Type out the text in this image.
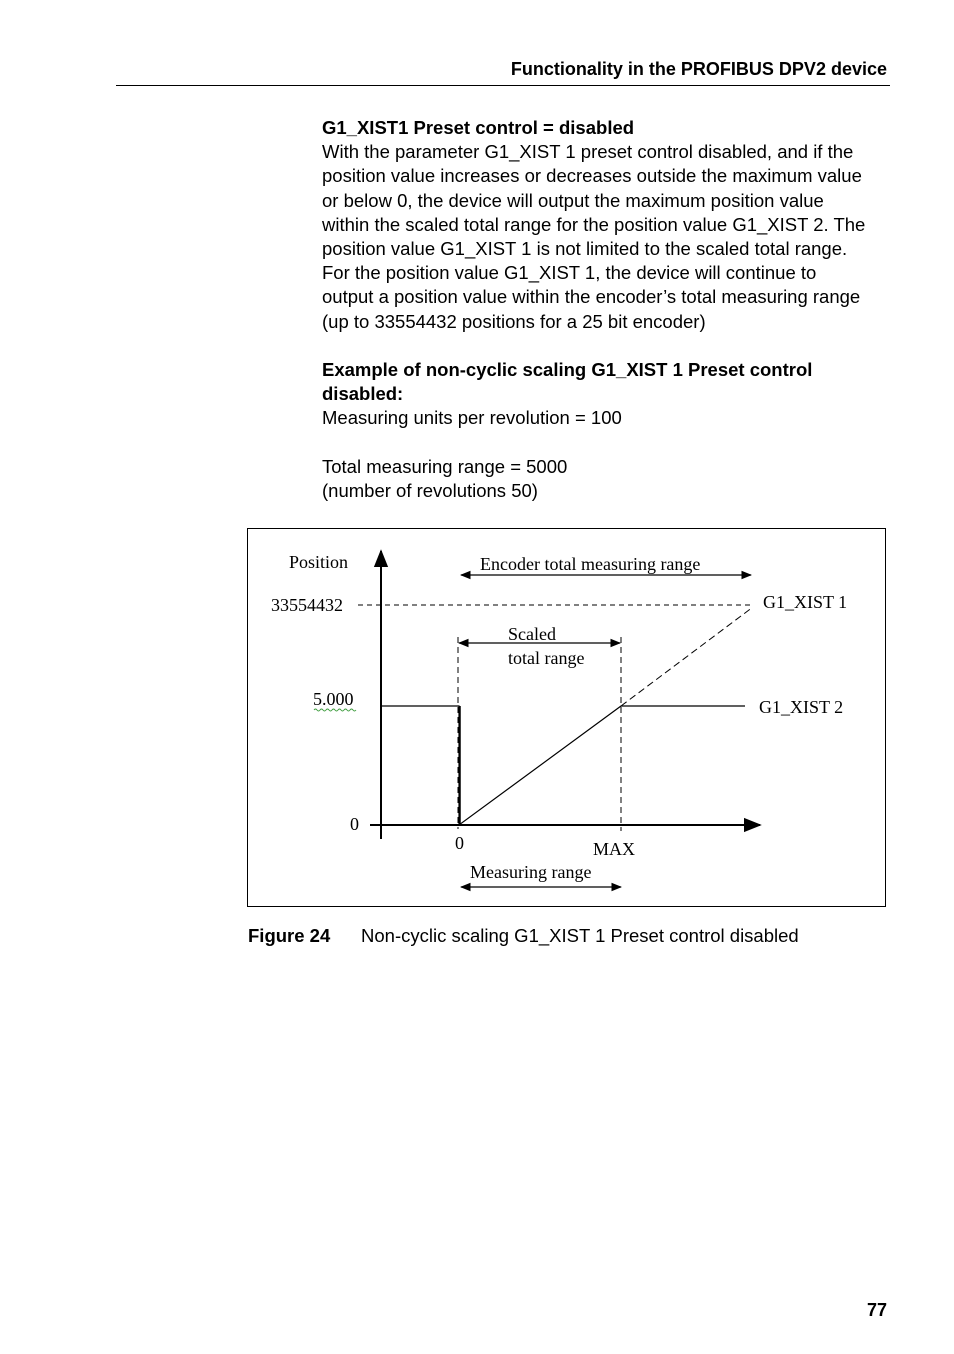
Functionality in the PROFIBUS DPV2 device

G1_XIST1 Preset control = disabled

With the parameter G1_XIST 1 preset control disabled, and if the

position value increases or decreases outside the maximum value

or below 0, the device will output the maximum position value

within the scaled total range for the position value G1_XIST 2. The

position value G1_XIST 1 is not limited to the scaled total range.

For the position value G1_XIST 1, the device will continue to

output a position value within the encoder’s total measuring range

(up to 33554432 positions for a 25 bit encoder)

Example of non-cyclic scaling G1_XIST 1 Preset control

disabled:

Measuring units per revolution = 100

Total measuring range = 5000

(number of revolutions 50)

Position	Encoder total measuring range
33554432	G1_XIST 1
Scaled
total range
5.000	G1_XIST 2
0
0	MAX
Measuring range
Figure 24 Non-cyclic scaling G1_XIST 1 Preset control disabled
77
